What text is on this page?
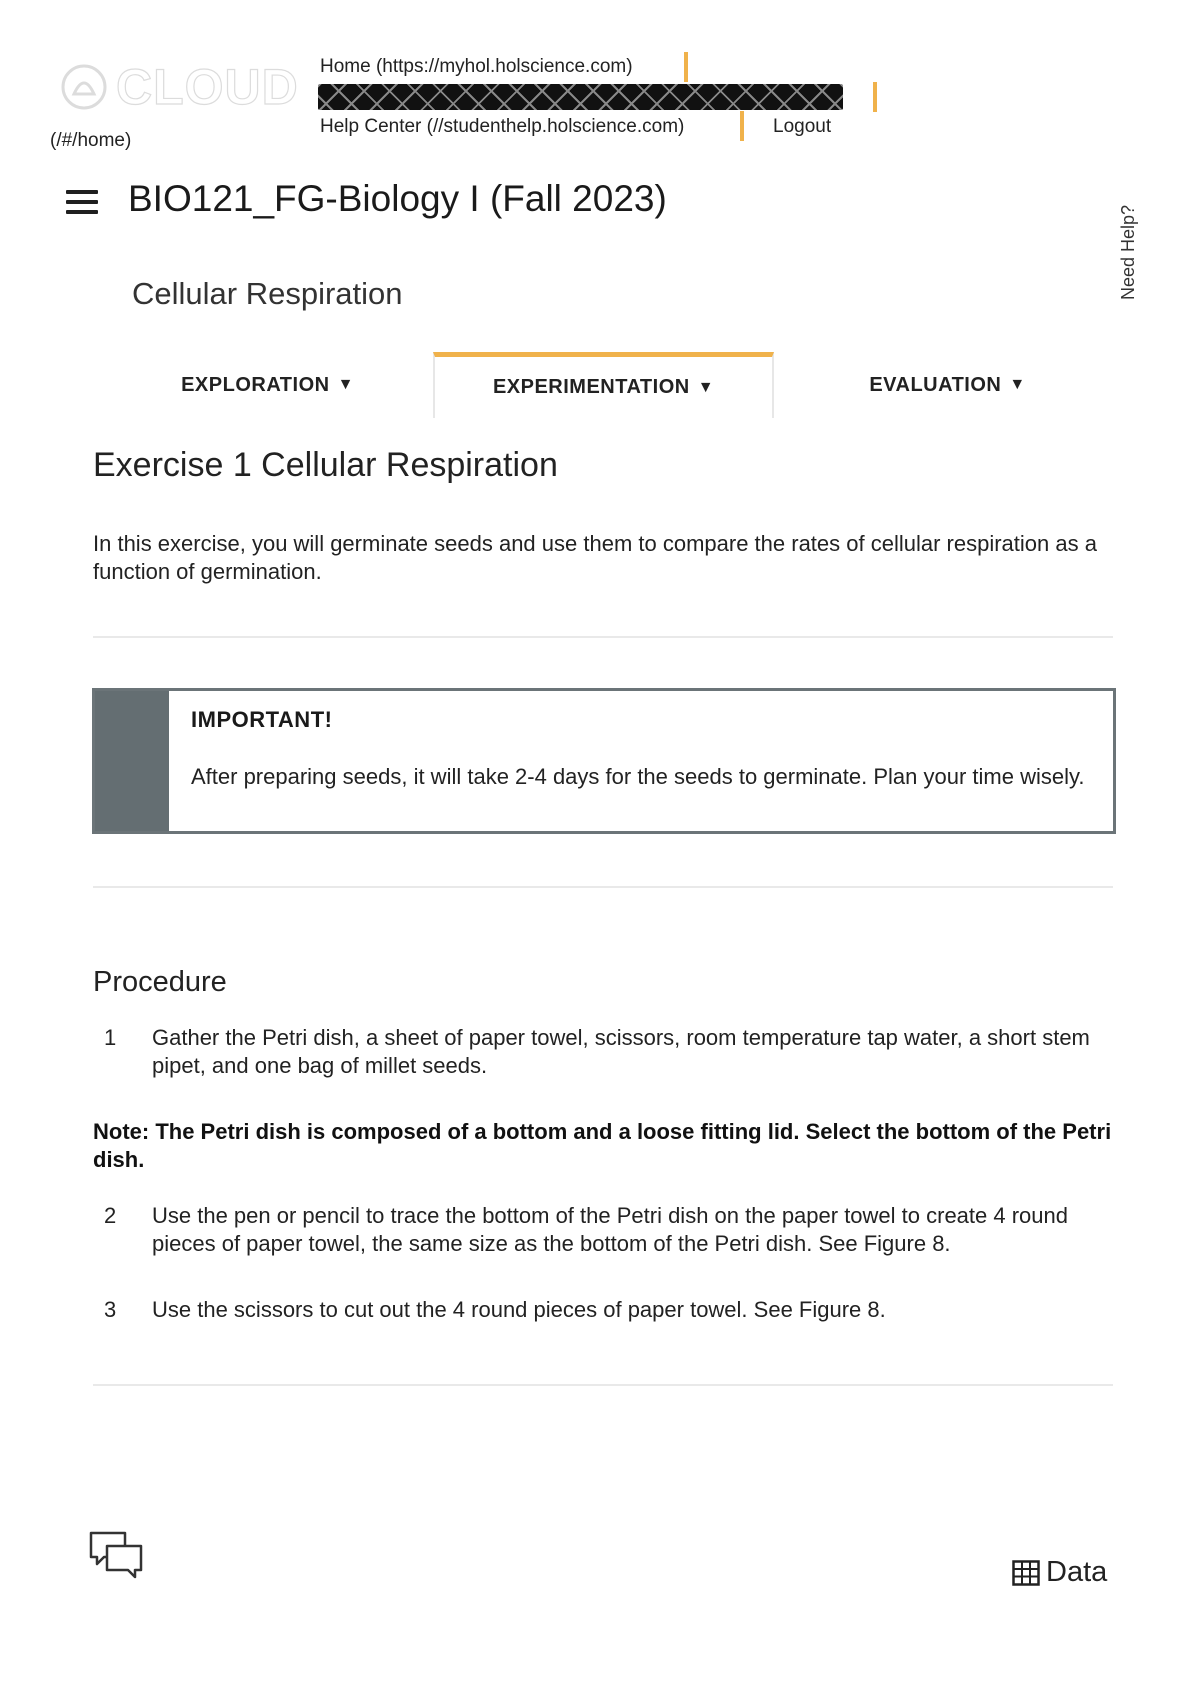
CLOUD
(/#/home)
Home (https://myhol.holscience.com)
Help Center (//studenthelp.holscience.com)	Logout
BIO121_FG-Biology I (Fall 2023)
Cellular Respiration	Need Help?
EXPLORATION ▼	EXPERIMENTATION ▼	EVALUATION ▼
Exercise 1 Cellular Respiration
In this exercise, you will germinate seeds and use them to compare the rates of cellular respiration as a function of germination.
IMPORTANT!
After preparing seeds, it will take 2-4 days for the seeds to germinate. Plan your time wisely.
Procedure
1	Gather the Petri dish, a sheet of paper towel, scissors, room temperature tap water, a short stem pipet, and one bag of millet seeds.
Note: The Petri dish is composed of a bottom and a loose fitting lid. Select the bottom of the Petri dish.
2	Use the pen or pencil to trace the bottom of the Petri dish on the paper towel to create 4 round pieces of paper towel, the same size as the bottom of the Petri dish. See Figure 8.
3	Use the scissors to cut out the 4 round pieces of paper towel. See Figure 8.
Data
